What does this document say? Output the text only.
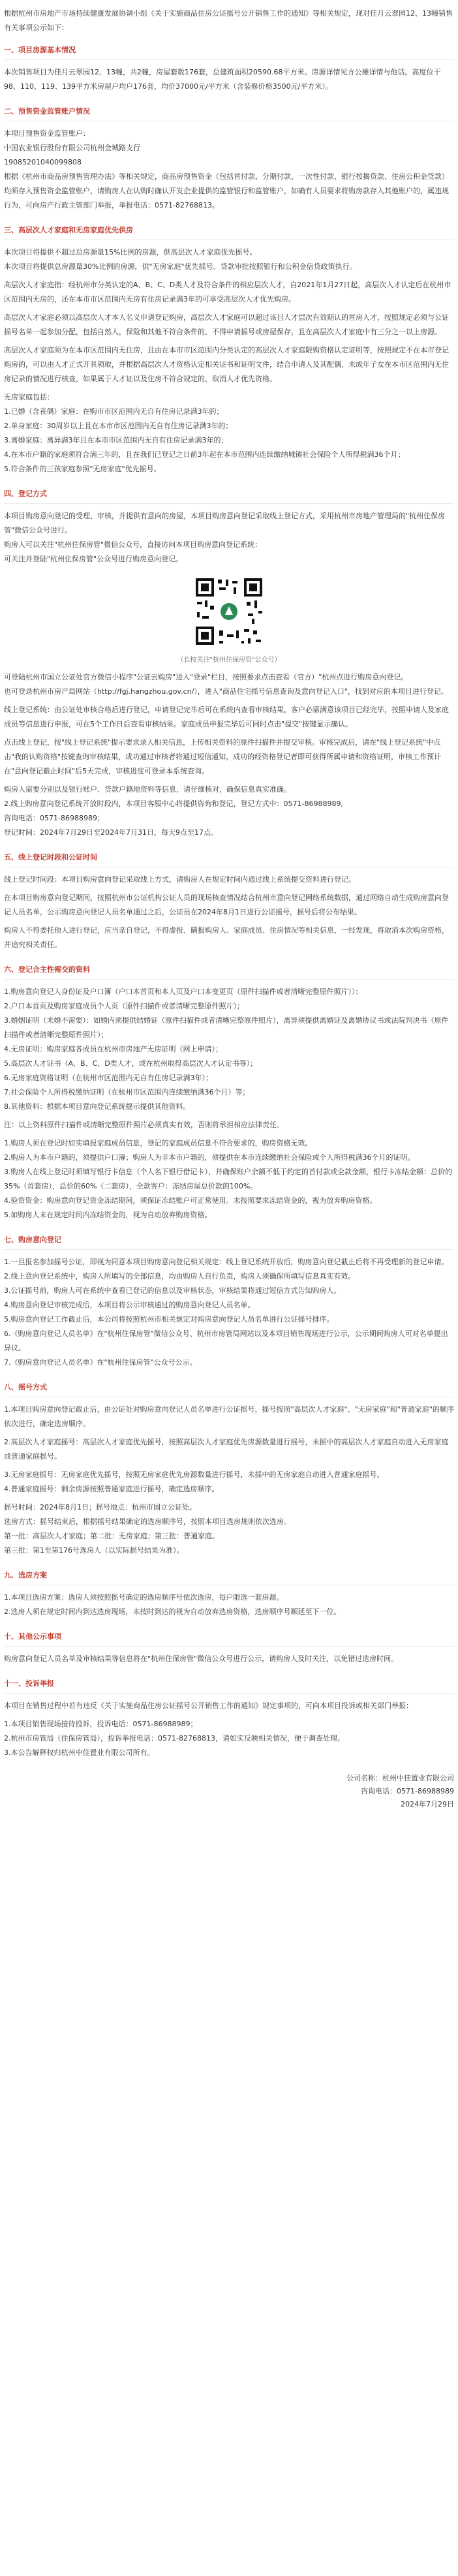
根据杭州市房地产市场持续健康发展协调小组《关于实施商品住房公证摇号公开销售工作的通知》等相关规定，现对佳月云翠园12、13幢销售有关事项公示如下：

一、项目房源基本情况

本次销售项目为佳月云翠园12、13幢，共2幢，房屋套数176套，总建筑面积20590.68平方米。房源详情见方公摊详情与他话。高度位于98、110、119、139平方米房屋户均户176套，均价37000元/平方米（含装修价格3500元/平方米）。

二、预售资金监管账户情况

本项目预售资金监管账户：

中国农业银行股份有限公司杭州金城路支行

19085201040099808

根据《杭州市商品房预售管理办法》等相关规定，商品房预售资金（包括首付款、分期付款、一次性付款、银行按揭贷款、住房公积金贷款）均须存入预售资金监管账户，请购房人在认购时确认开发企业提供的监管银行和监管账户，如确有人员要求将购房款存入其他账户的，属违规行为，可向房产行政主管部门举报，举报电话：0571-82768813。

三、高层次人才家庭和无房家庭优先供房

本次项目将提供不超过总房源量15%比例的房源，供高层次人才家庭优先摇号。

本次项目将提供总房源量30%比例的房源，供"无房家庭"优先摇号。贷款审批按照银行和公积金信贷政策执行。

高层次人才家庭指：经杭州市分类认定的A、B、C、D类人才及符合条件的相应层次人才，自2021年1月27日起，高层次人才认定后在杭州市区范围内无房的，还在本市市区范围内无房有住房记录满3年的可享受高层次人才优先购房。

高层次人才家庭必须以高层次人才本人名义申请登记购房，高层次人才家庭可以超过该目人才层次有效期认的首房入才，按照规定必须与公证摇号名单一起参加分配，包括自然人，保险和其他不符合条件的，不得申请摇号或房屋保存，且在高层次人才家庭中有三分之一以上房源。

高层次人才家庭须为在本市区范围内无住房，且由在本市市区范围内分类认定的高层次人才家庭限购资格认定证明等，按照规定不在本市登记购房的，可以由人才正式开具领取，并根据高层次人才资格认定相关证书和证明文件，结合申请人及其配偶、未成年子女在本市区范围内无住房记录的情况进行核查，如果属于人才证以及住房不符合规定的，取消人才优先资格。

无房家庭包括：

1.已婚（含丧偶）家庭：在购市市区范围内无自有住房记录满3年的；

2.单身家庭：30周岁以上且在本市市区范围内无自有住房记录满3年的；

3.离婚家庭：离异满3年且在本市市区范围内无自有住房记录满3年的；

4.在本市户籍的家庭须符合满三年的，且在我们已登记之日前3年起在本市范围内连续缴纳城镇社会保险个人所得税满36个月；

5.符合条件的三孩家庭参照"无房家庭"优先摇号。

四、登记方式

本项目购房意向登记的受理、审核，并提供有意向的房屋，本项目购房意向登记采取线上登记方式，采用杭州市房地产管理局的"杭州住保房管"微信公众号进行。

购房人可以关注"杭州住保房管"微信公众号，直接访问本项目购房意向登记系统：

可关注并登陆"杭州住保房管"公众号进行购房意向登记。

（长按关注"杭州住保房管"公众号）

可登陆杭州市国立公证处官方微信小程序"公证云购房"进入"登录"栏目，按照要求点击查看（官方）"杭州点进行购房意向登记。

也可登录杭州市房产局网站（http://fgj.hangzhou.gov.cn/），进入"商品住宅摇号信息查询及意向登记入口"，找到对应的本项目进行登记。

线上登记系统：由公证处审核合格后进行登记，申请登记完毕后可在系统内查看审核结果，客户必需满意该项目已经完毕，按照申请人及家庭成员等信息进行申报，可在5个工作日后查看审核结果。家庭成员申报完毕后可同时点击"提交"按键显示确认。

点击线上登记，按"线上登记系统"提示要求录入相关信息，上传相关资料的原件扫描件并提交审核。审核完成后，请在"线上登记系统"中点击"我的认购资格"按键查询审核结果，成功通过审核者将通过短信通知，成功的经资格登记者即可获得所属申请和资格证明，审核工作预计在"意向登记截止时间"后5天完成，审核进度可登录本系统查询。

购房人需要分别以及银行账户、贷款户籍地资料等信息，请仔细核对，确保信息真实准确。

2.线上购房意向登记系统开放时段内，本项目客服中心将提供咨询和登记，登记方式中：0571-86988989。

咨询电话：0571-86988989；

登记时间：2024年7月29日至2024年7月31日，每天9点至17点。

五、线上登记时段和公证时间

线上登记时间段：本项目购房意向登记采取线上方式，请购房人在规定时间内通过线上系统提交资料进行登记。

在本项目购房意向登记期间，按照杭州市公证机构公证人员的现场核查情况结合杭州市意向登记网络系统数据，通过网络自动生成购房意向登记人员名单，公示购房意向登记人员名单通过之后，公证员在2024年8月1日进行公证摇号，摇号后将公布结果。

购房人不得委托他人进行登记，应当亲自登记，不得虚报、瞒报购房人、家庭成员、住房情况等相关信息，一经发现，将取消本次购房资格，并追究相关责任。

六、登记合主性需交的资料

1.购房意向登记人身份证及户口簿（户口本首页和本人页及户口本变更页（原件扫描件或者清晰完整原件照片））：

2.户口本首页及购房家庭成员个人页（原件扫描件或者清晰完整原件照片）；

3.婚姻证明（未婚不需要）：如婚内须提供结婚证（原件扫描件或者清晰完整原件照片），离异须提供离婚证及离婚协议书或法院判决书（原件扫描件或者清晰完整原件照片）；

4.无房证明：购房家庭各成员在杭州市房地产无房证明（网上申请）；

5.高层次人才证书（A、B、C、D类人才，或在杭州取得高层次人才认定书等）；

6.无房家庭资格证明（在杭州市区范围内无自有住房记录满3年）；

7.社会保险个人所得税缴纳证明（在杭州市区范围内连续缴纳满36个月）等；

8.其他资料：根据本项目意向登记系统提示提供其他资料。

注：以上资料原件扫描件或清晰完整原件照片必须真实有效，否则将承担相应法律责任。

1.购房人须在登记时如实填报家庭成员信息，登记的家庭成员信息不符合要求的，购房资格无效。

2.购房人为本市户籍的，须提供户口簿；购房人为非本市户籍的，须提供在本市连续缴纳社会保险或个人所得税满36个月的证明。

3.购房人在线上登记时须填写银行卡信息（个人名下银行借记卡），并确保账户余额不低于约定的首付款或全款金额，银行卡冻结金额：总价的35%（首套房），总价的60%（二套房），全款客户：冻结房屋总价款的100%。

4.验资资金：购房意向登记资金冻结期间，须保证冻结账户可正常使用。未按照要求冻结资金的，视为放弃购房资格。

5.如购房人未在规定时间内冻结资金的，视为自动放弃购房资格。

七、购房意向登记

1.一旦报名参加摇号公证，即视为同意本项目购房意向登记相关规定：线上登记系统开放后，购房意向登记截止后将不再受理新的登记申请。

2.线上意向登记系统中，购房人所填写的全部信息，均由购房人自行负责，购房人须确保所填写信息真实有效。

3.公证摇号前，购房人可在系统中查看已登记的信息以及审核状态，审核结果将通过短信方式告知购房人。

4.购房意向登记审核完成后，本项目将公示审核通过的购房意向登记人员名单。

5.购房意向登记工作截止后，本公司将按照杭州市相关规定对购房意向登记人员名单进行公证摇号排序。

6.《购房意向登记人员名单》在"杭州住保房管"微信公众号、杭州市房管局网站以及本项目销售现场进行公示，公示期间购房人可对名单提出异议。

7.《购房意向登记人员名单》在"杭州住保房管"公众号公示。

八、摇号方式

1.本项目购房意向登记截止后，由公证处对购房意向登记人员名单进行公证摇号，摇号按照"高层次人才家庭"、"无房家庭"和"普通家庭"的顺序依次进行，确定选房顺序。

2.高层次人才家庭摇号：高层次人才家庭优先摇号，按照高层次人才家庭优先房源数量进行摇号，未摇中的高层次人才家庭自动进入无房家庭或普通家庭摇号。

3.无房家庭摇号：无房家庭优先摇号，按照无房家庭优先房源数量进行摇号，未摇中的无房家庭自动进入普通家庭摇号。

4.普通家庭摇号：剩余房源按照普通家庭进行摇号，确定选房顺序。

摇号时间：2024年8月1日；摇号地点：杭州市国立公证处。

选房方式：摇号结束后，根据摇号结果确定的选房顺序号，按照本项目选房规则依次选房。

第一批：高层次人才家庭；第二批：无房家庭；第三批：普通家庭。

第三批：第1至第176号选房人（以实际摇号结果为准）。

九、选房方案

1.本项目选房方案：选房人须按照摇号确定的选房顺序号依次选房，每户限选一套房源。

2.选房人须在规定时间内到达选房现场，未按时到达的视为自动放弃选房资格，选房顺序号顺延至下一位。

十、其他公示事项

购房意向登记人员名单及审核结果等信息将在"杭州住保房管"微信公众号进行公示，请购房人及时关注，以免错过选房时间。

十一、投诉举报

本项目在销售过程中若有违反《关于实施商品住房公证摇号公开销售工作的通知》规定事项的，可向本项目投诉或相关部门举报：

1.本项目销售现场接待投诉，投诉电话：0571-86988989；

2.杭州市房管局（住保房管局），投诉举报电话：0571-82768813，请如实反映相关情况，便于调查处理。

3.本公告解释权归杭州中佳置业有限公司所有。

公司名称：杭州中佳置业有限公司
咨询电话：0571-86988989
2024年7月29日
